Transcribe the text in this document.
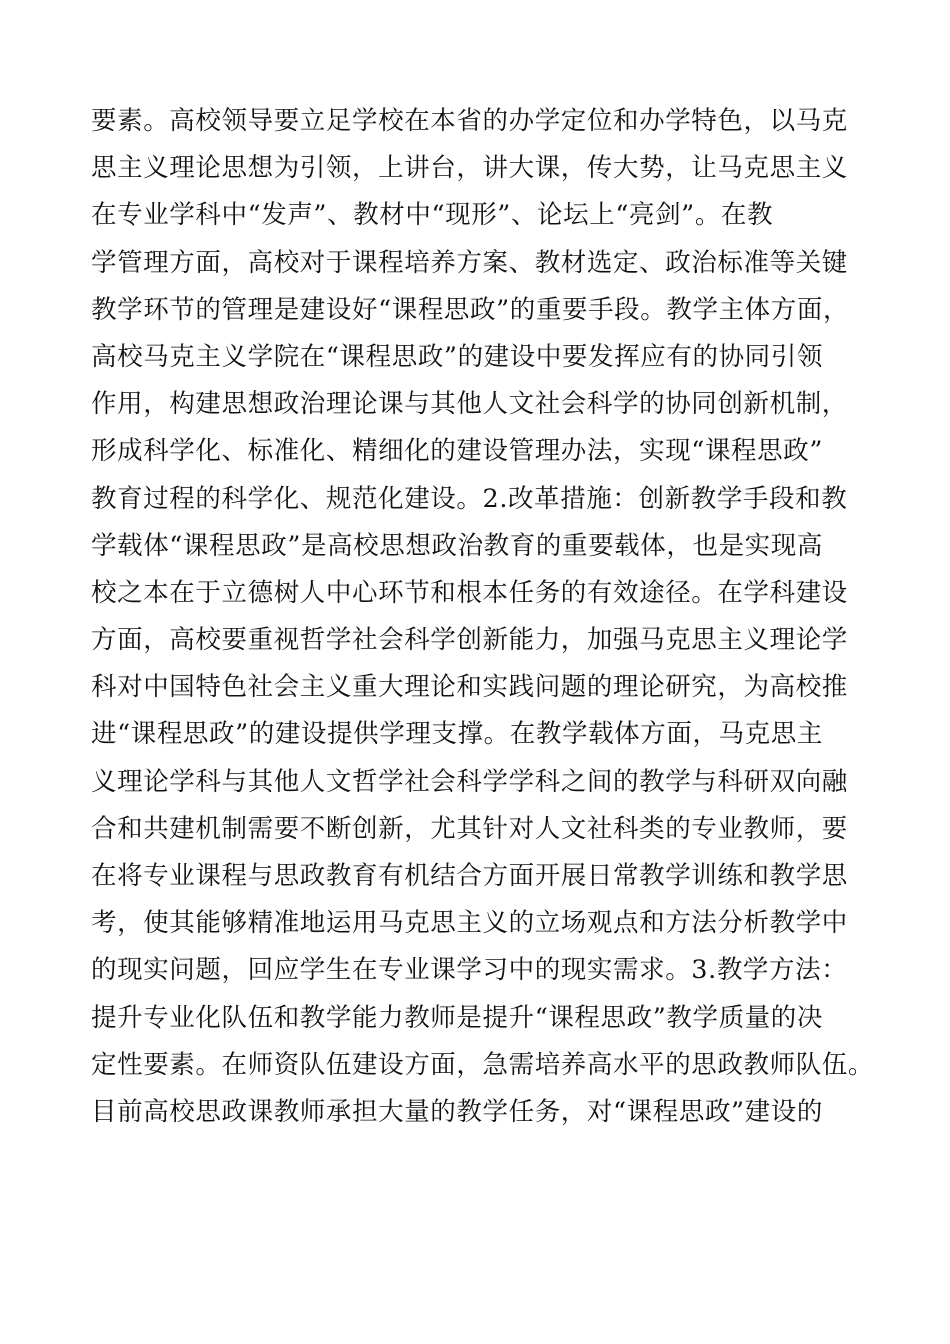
要素。高校领导要立足学校在本省的办学定位和办学特色，以马克
思主义理论思想为引领，上讲台，讲大课，传大势，让马克思主义
在专业学科中“发声”、教材中“现形”、论坛上“亮剑”。在教
学管理方面，高校对于课程培养方案、教材选定、政治标准等关键
教学环节的管理是建设好“课程思政”的重要手段。教学主体方面，
高校马克主义学院在“课程思政”的建设中要发挥应有的协同引领
作用，构建思想政治理论课与其他人文社会科学的协同创新机制，
形成科学化、标准化、精细化的建设管理办法，实现“课程思政”
教育过程的科学化、规范化建设。2.改革措施：创新教学手段和教
学载体“课程思政”是高校思想政治教育的重要载体，也是实现高
校之本在于立德树人中心环节和根本任务的有效途径。在学科建设
方面，高校要重视哲学社会科学创新能力，加强马克思主义理论学
科对中国特色社会主义重大理论和实践问题的理论研究，为高校推
进“课程思政”的建设提供学理支撑。在教学载体方面，马克思主
义理论学科与其他人文哲学社会科学学科之间的教学与科研双向融
合和共建机制需要不断创新，尤其针对人文社科类的专业教师，要
在将专业课程与思政教育有机结合方面开展日常教学训练和教学思
考，使其能够精准地运用马克思主义的立场观点和方法分析教学中
的现实问题，回应学生在专业课学习中的现实需求。3.教学方法：
提升专业化队伍和教学能力教师是提升“课程思政”教学质量的决
定性要素。在师资队伍建设方面，急需培养高水平的思政教师队伍。
目前高校思政课教师承担大量的教学任务，对“课程思政”建设的
